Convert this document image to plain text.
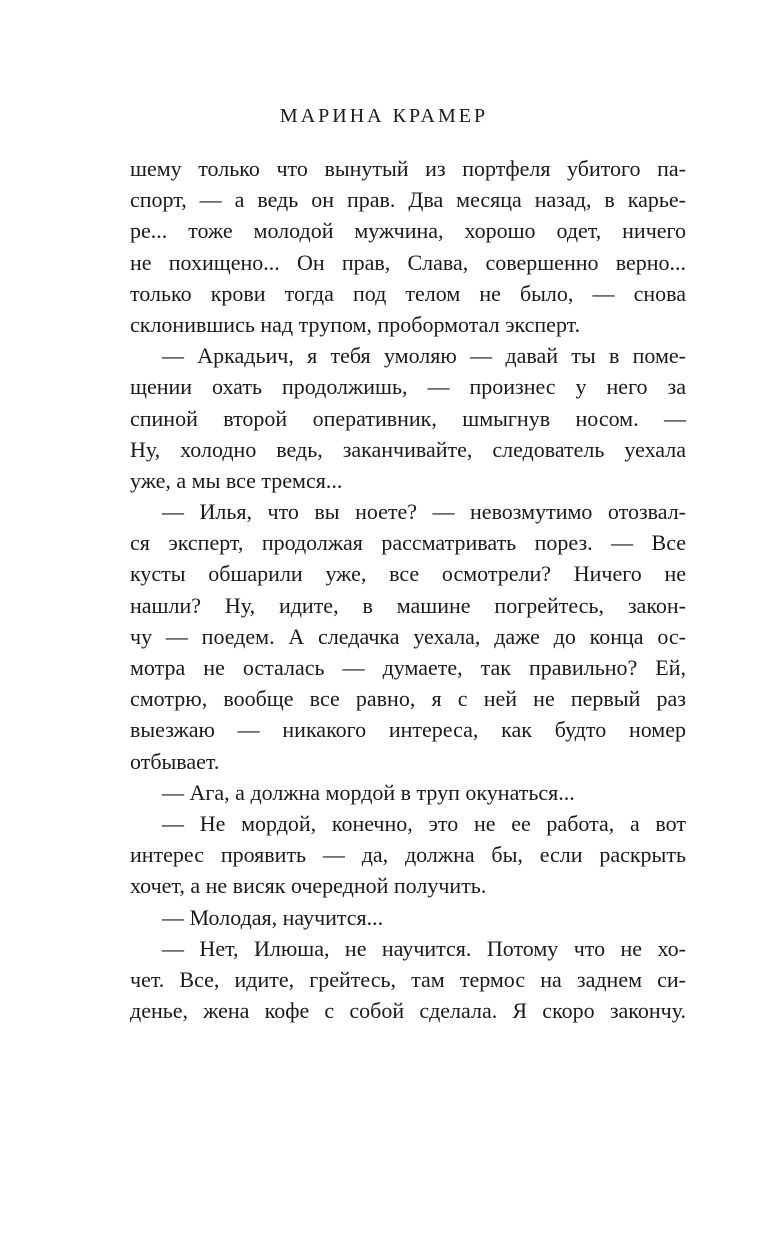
МАРИНА КРАМЕР
шему только что вынутый из портфеля убитого па-
спорт, — а ведь он прав. Два месяца назад, в карье-
ре... тоже молодой мужчина, хорошо одет, ничего
не похищено... Он прав, Слава, совершенно верно...
только крови тогда под телом не было, — снова
склонившись над трупом, пробормотал эксперт.
— Аркадьич, я тебя умоляю — давай ты в поме-
щении охать продолжишь, — произнес у него за
спиной второй оперативник, шмыгнув носом. —
Ну, холодно ведь, заканчивайте, следователь уехала
уже, а мы все тремся...
— Илья, что вы ноете? — невозмутимо отозвал-
ся эксперт, продолжая рассматривать порез. — Все
кусты обшарили уже, все осмотрели? Ничего не
нашли? Ну, идите, в машине погрейтесь, закон-
чу — поедем. А следачка уехала, даже до конца ос-
мотра не осталась — думаете, так правильно? Ей,
смотрю, вообще все равно, я с ней не первый раз
выезжаю — никакого интереса, как будто номер
отбывает.
— Ага, а должна мордой в труп окунаться...
— Не мордой, конечно, это не ее работа, а вот
интерес проявить — да, должна бы, если раскрыть
хочет, а не висяк очередной получить.
— Молодая, научится...
— Нет, Илюша, не научится. Потому что не хо-
чет. Все, идите, грейтесь, там термос на заднем си-
денье, жена кофе с собой сделала. Я скоро закончу.
